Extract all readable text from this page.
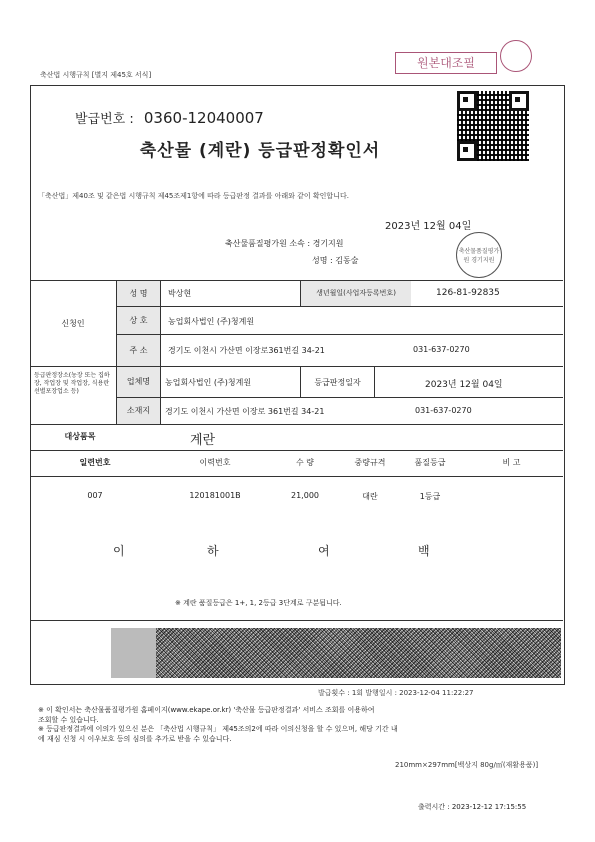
축산법 시행규칙 [별지 제45호 서식]
원본대조필
발급번호 : 0360-12040007
축산물 (계란) 등급판정확인서
「축산법」제40조 및 같은법 시행규칙 제45조제1항에 따라 등급판정 결과를 아래와 같이 확인합니다.
2023년 12월 04일
축산물품질평가원 소속 : 경기지원
성명 : 김동술
축산물품질평가원 경기지원
신청인
성 명	박상현	생년월일(사업자등록번호)	126-81-92835
상 호	농업회사법인 (주)청계원
주 소	경기도 이천시 가산면 이장로361번길 34-21	031-637-0270
등급판정장소(농장 또는 집하장, 작업장 및 작업장, 식용란선별포장업소 등)
업체명	농업회사법인 (주)청계원	등급판정일자	2023년 12월 04일
소재지	경기도 이천시 가산면 이장로 361번길 34-21	031-637-0270
대상품목	계란
일련번호	이력번호	수 량	중량규격	품질등급	비 고
007	120181001B	21,000	대란	1등급
이	하	여	백
※ 계란 품질등급은 1+, 1, 2등급 3단계로 구분됩니다.
발급횟수 : 1회 발행일시 : 2023-12-04 11:22:27
※ 이 확인서는 축산물품질평가원 홈페이지(www.ekape.or.kr) '축산물 등급판정결과' 서비스 조회를 이용하여
조회할 수 있습니다.
※ 등급판정결과에 이의가 있으신 분은 「축산법 시행규칙」 제45조의2에 따라 이의신청을 할 수 있으며, 해당 기간 내
에 재심 신청 시 이우보호 등의 심의를 추가로 받을 수 있습니다.
210mm×297mm[백상지 80g/㎡(재활용품)]
출력시간 : 2023-12-12 17:15:55
